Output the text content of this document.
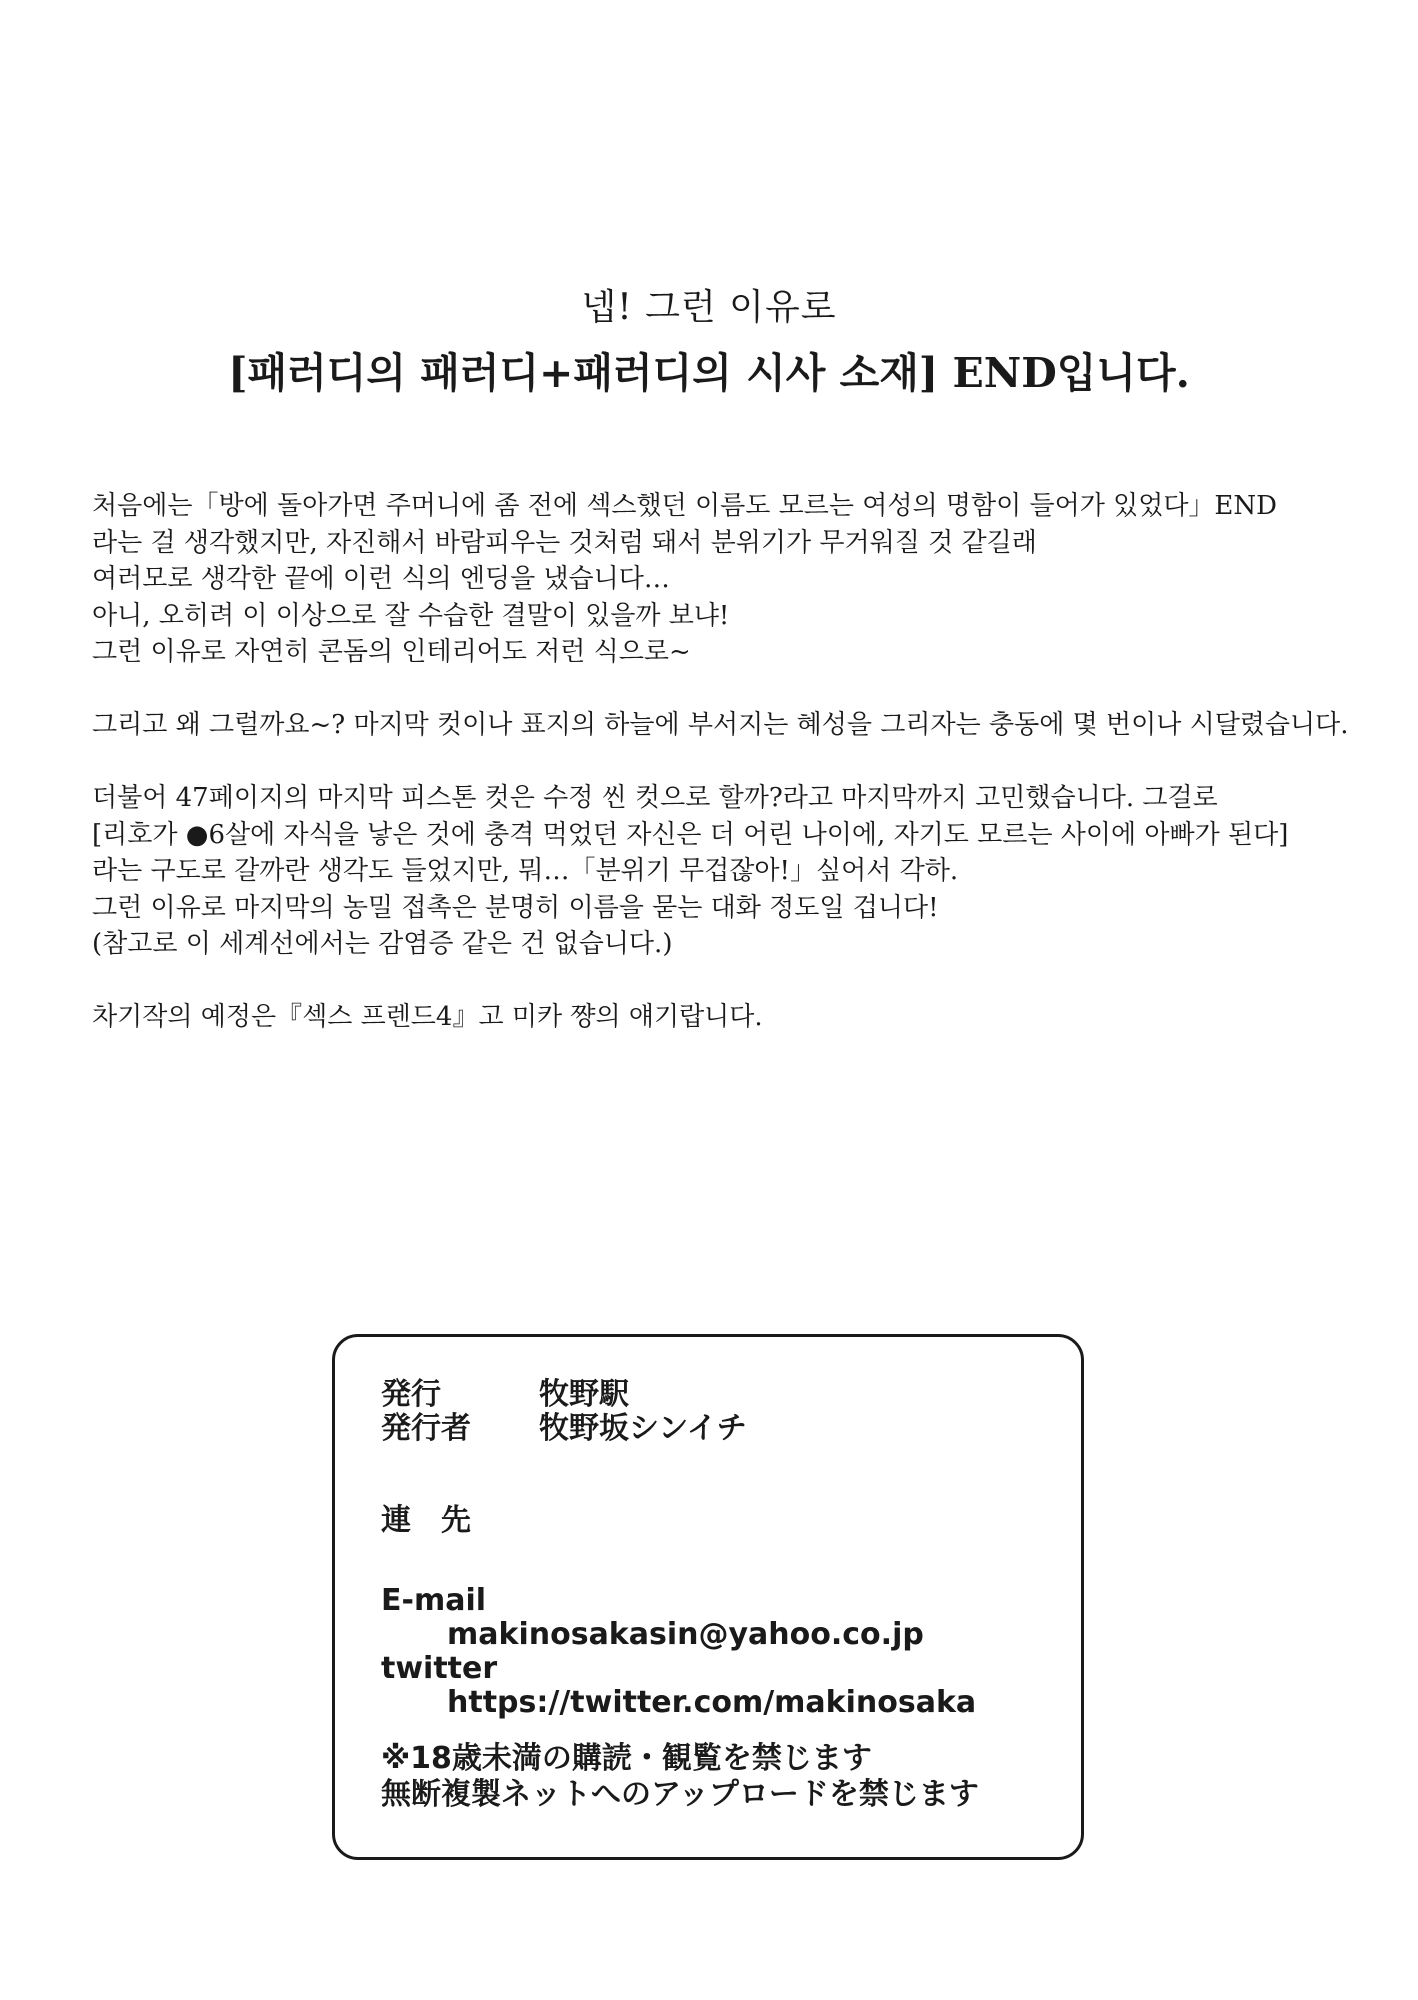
넵! 그런 이유로
[패러디의 패러디+패러디의 시사 소재] END입니다.
처음에는「방에 돌아가면 주머니에 좀 전에 섹스했던 이름도 모르는 여성의 명함이 들어가 있었다」END
라는 걸 생각했지만, 자진해서 바람피우는 것처럼 돼서 분위기가 무거워질 것 같길래
여러모로 생각한 끝에 이런 식의 엔딩을 냈습니다…
아니, 오히려 이 이상으로 잘 수습한 결말이 있을까 보냐!
그런 이유로 자연히 콘돔의 인테리어도 저런 식으로~
그리고 왜 그럴까요~? 마지막 컷이나 표지의 하늘에 부서지는 혜성을 그리자는 충동에 몇 번이나 시달렸습니다.
더불어 47페이지의 마지막 피스톤 컷은 수정 씬 컷으로 할까?라고 마지막까지 고민했습니다. 그걸로
[리호가 ●6살에 자식을 낳은 것에 충격 먹었던 자신은 더 어린 나이에, 자기도 모르는 사이에 아빠가 된다]
라는 구도로 갈까란 생각도 들었지만, 뭐…「분위기 무겁잖아!」싶어서 각하.
그런 이유로 마지막의 농밀 접촉은 분명히 이름을 묻는 대화 정도일 겁니다!
(참고로 이 세계선에서는 감염증 같은 건 없습니다.)
차기작의 예정은『섹스 프렌드4』고 미카 쨩의 얘기랍니다.
発行	牧野駅
発行者 牧野坂シンイチ
連　先
E-mail
makinosakasin@yahoo.co.jp
twitter
https://twitter.com/makinosaka
※18歳未満の購読・観覧を禁じます
無断複製ネットへのアップロードを禁じます
